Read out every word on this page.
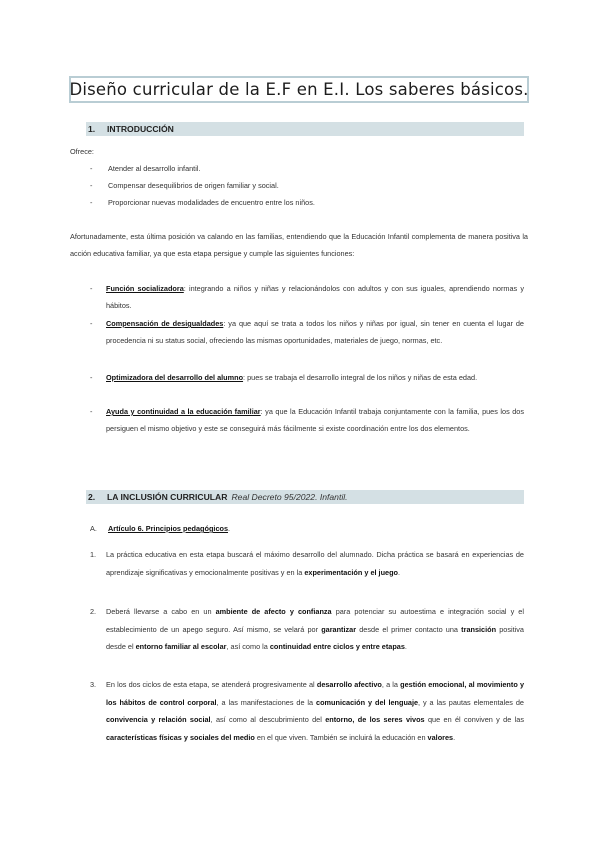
Diseño curricular de la E.F en E.I. Los saberes básicos.
1.	INTRODUCCIÓN
Ofrece:
- Atender al desarrollo infantil.
- Compensar desequilibrios de origen familiar y social.
- Proporcionar nuevas modalidades de encuentro entre los niños.
Afortunadamente, esta última posición va calando en las familias, entendiendo que la Educación Infantil complementa de manera positiva la acción educativa familiar, ya que esta etapa persigue y cumple las siguientes funciones:
- Función socializadora: integrando a niños y niñas y relacionándolos con adultos y con sus iguales, aprendiendo normas y hábitos.
- Compensación de desigualdades: ya que aquí se trata a todos los niños y niñas por igual, sin tener en cuenta el lugar de procedencia ni su status social, ofreciendo las mismas oportunidades, materiales de juego, normas, etc.
- Optimizadora del desarrollo del alumno: pues se trabaja el desarrollo integral de los niños y niñas de esta edad.
- Ayuda y continuidad a la educación familiar: ya que la Educación Infantil trabaja conjuntamente con la familia, pues los dos persiguen el mismo objetivo y este se conseguirá más fácilmente si existe coordinación entre los dos elementos.
2.	LA INCLUSIÓN CURRICULAR Real Decreto 95/2022. Infantil.
A. Artículo 6. Principios pedagógicos.
1. La práctica educativa en esta etapa buscará el máximo desarrollo del alumnado. Dicha práctica se basará en experiencias de aprendizaje significativas y emocionalmente positivas y en la experimentación y el juego.
2. Deberá llevarse a cabo en un ambiente de afecto y confianza para potenciar su autoestima e integración social y el establecimiento de un apego seguro. Así mismo, se velará por garantizar desde el primer contacto una transición positiva desde el entorno familiar al escolar, así como la continuidad entre ciclos y entre etapas.
3. En los dos ciclos de esta etapa, se atenderá progresivamente al desarrollo afectivo, a la gestión emocional, al movimiento y los hábitos de control corporal, a las manifestaciones de la comunicación y del lenguaje, y a las pautas elementales de convivencia y relación social, así como al descubrimiento del entorno, de los seres vivos que en él conviven y de las características físicas y sociales del medio en el que viven. También se incluirá la educación en valores.
